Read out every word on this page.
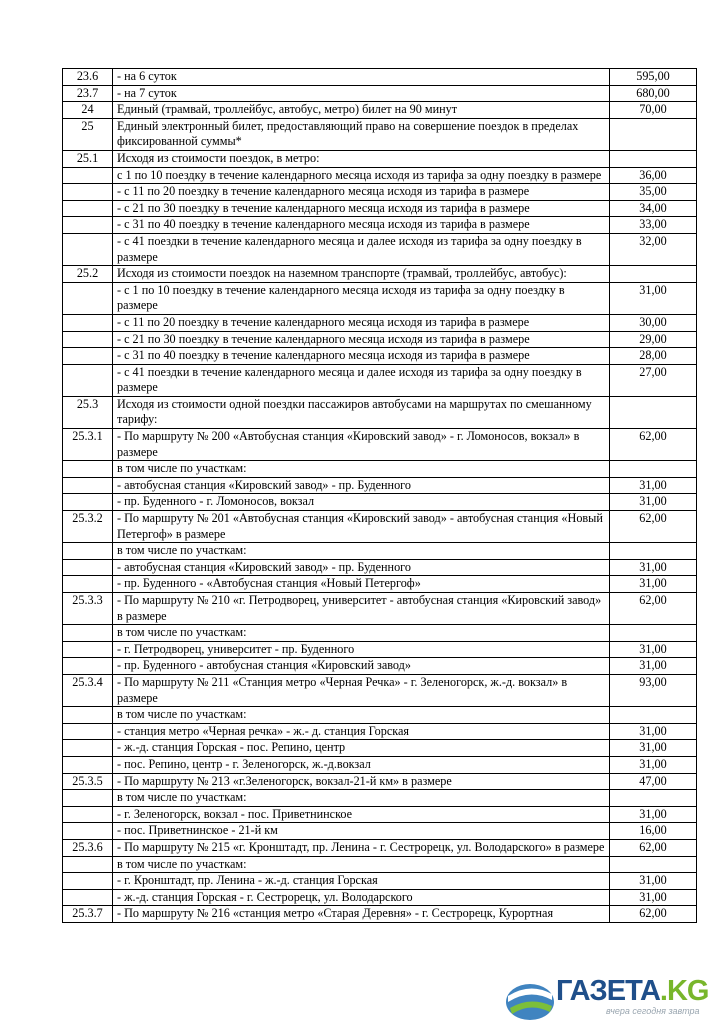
23.6	- на 6 суток	595,00
23.7	- на 7 суток	680,00
24	Единый (трамвай, троллейбус, автобус, метро) билет на 90 минут	70,00
25	Единый электронный билет, предоставляющий право на совершение поездок в пределах фиксированной суммы*	
25.1	Исходя из стоимости поездок, в метро:	
	с 1 по 10 поездку в течение календарного месяца исходя из тарифа за одну поездку в размере	36,00
	- с 11 по 20 поездку в течение календарного месяца исходя из тарифа в размере	35,00
	- с 21 по 30 поездку в течение календарного месяца исходя из тарифа в размере	34,00
	- с 31 по 40 поездку в течение календарного месяца исходя из тарифа в размере	33,00
	- с 41 поездки в течение календарного месяца и далее исходя из тарифа за одну поездку в размере	32,00
25.2	Исходя из стоимости поездок на наземном транспорте (трамвай, троллейбус, автобус):	
	- с 1 по 10 поездку в течение календарного месяца исходя из тарифа за одну поездку в размере	31,00
	- с 11 по 20 поездку в течение календарного месяца исходя из тарифа в размере	30,00
	- с 21 по 30 поездку в течение календарного месяца исходя из тарифа в размере	29,00
	- с 31 по 40 поездку в течение календарного месяца исходя из тарифа в размере	28,00
	- с 41 поездки в течение календарного месяца и далее исходя из тарифа за одну поездку в размере	27,00
25.3	Исходя из стоимости одной поездки пассажиров автобусами на маршрутах по смешанному тарифу:	
25.3.1	- По маршруту № 200 «Автобусная станция «Кировский завод» - г. Ломоносов, вокзал» в размере	62,00
	в том числе по участкам:	
	- автобусная станция «Кировский завод» - пр. Буденного	31,00
	- пр. Буденного - г. Ломоносов, вокзал	31,00
25.3.2	- По маршруту № 201 «Автобусная станция «Кировский завод» - автобусная станция «Новый Петергоф» в размере	62,00
	в том числе по участкам:	
	- автобусная станция «Кировский завод» - пр. Буденного	31,00
	- пр. Буденного - «Автобусная станция «Новый Петергоф»	31,00
25.3.3	- По маршруту № 210 «г. Петродворец, университет - автобусная станция «Кировский завод» в размере	62,00
	в том числе по участкам:	
	- г. Петродворец, университет - пр. Буденного	31,00
	- пр. Буденного - автобусная станция «Кировский завод»	31,00
25.3.4	- По маршруту № 211 «Станция метро «Черная Речка» - г. Зеленогорск, ж.-д. вокзал» в размере	93,00
	в том числе по участкам:	
	- станция метро «Черная речка» - ж.- д. станция Горская	31,00
	- ж.-д. станция Горская - пос. Репино, центр	31,00
	- пос. Репино, центр - г. Зеленогорск, ж.-д.вокзал	31,00
25.3.5	- По маршруту № 213 «г.Зеленогорск, вокзал-21-й км» в размере	47,00
	в том числе по участкам:	
	- г. Зеленогорск, вокзал - пос. Приветнинское	31,00
	- пос. Приветнинское - 21-й км	16,00
25.3.6	- По маршруту № 215 «г. Кронштадт, пр. Ленина - г. Сестрорецк, ул. Володарского» в размере	62,00
	в том числе по участкам:	
	- г. Кронштадт, пр. Ленина - ж.-д. станция Горская	31,00
	- ж.-д. станция Горская - г. Сестрорецк, ул. Володарского	31,00
25.3.7	- По маршруту № 216 «станция метро «Старая Деревня» - г. Сестрорецк, Курортная	62,00
ГАЗЕТА.KG
вчера сегодня завтра
